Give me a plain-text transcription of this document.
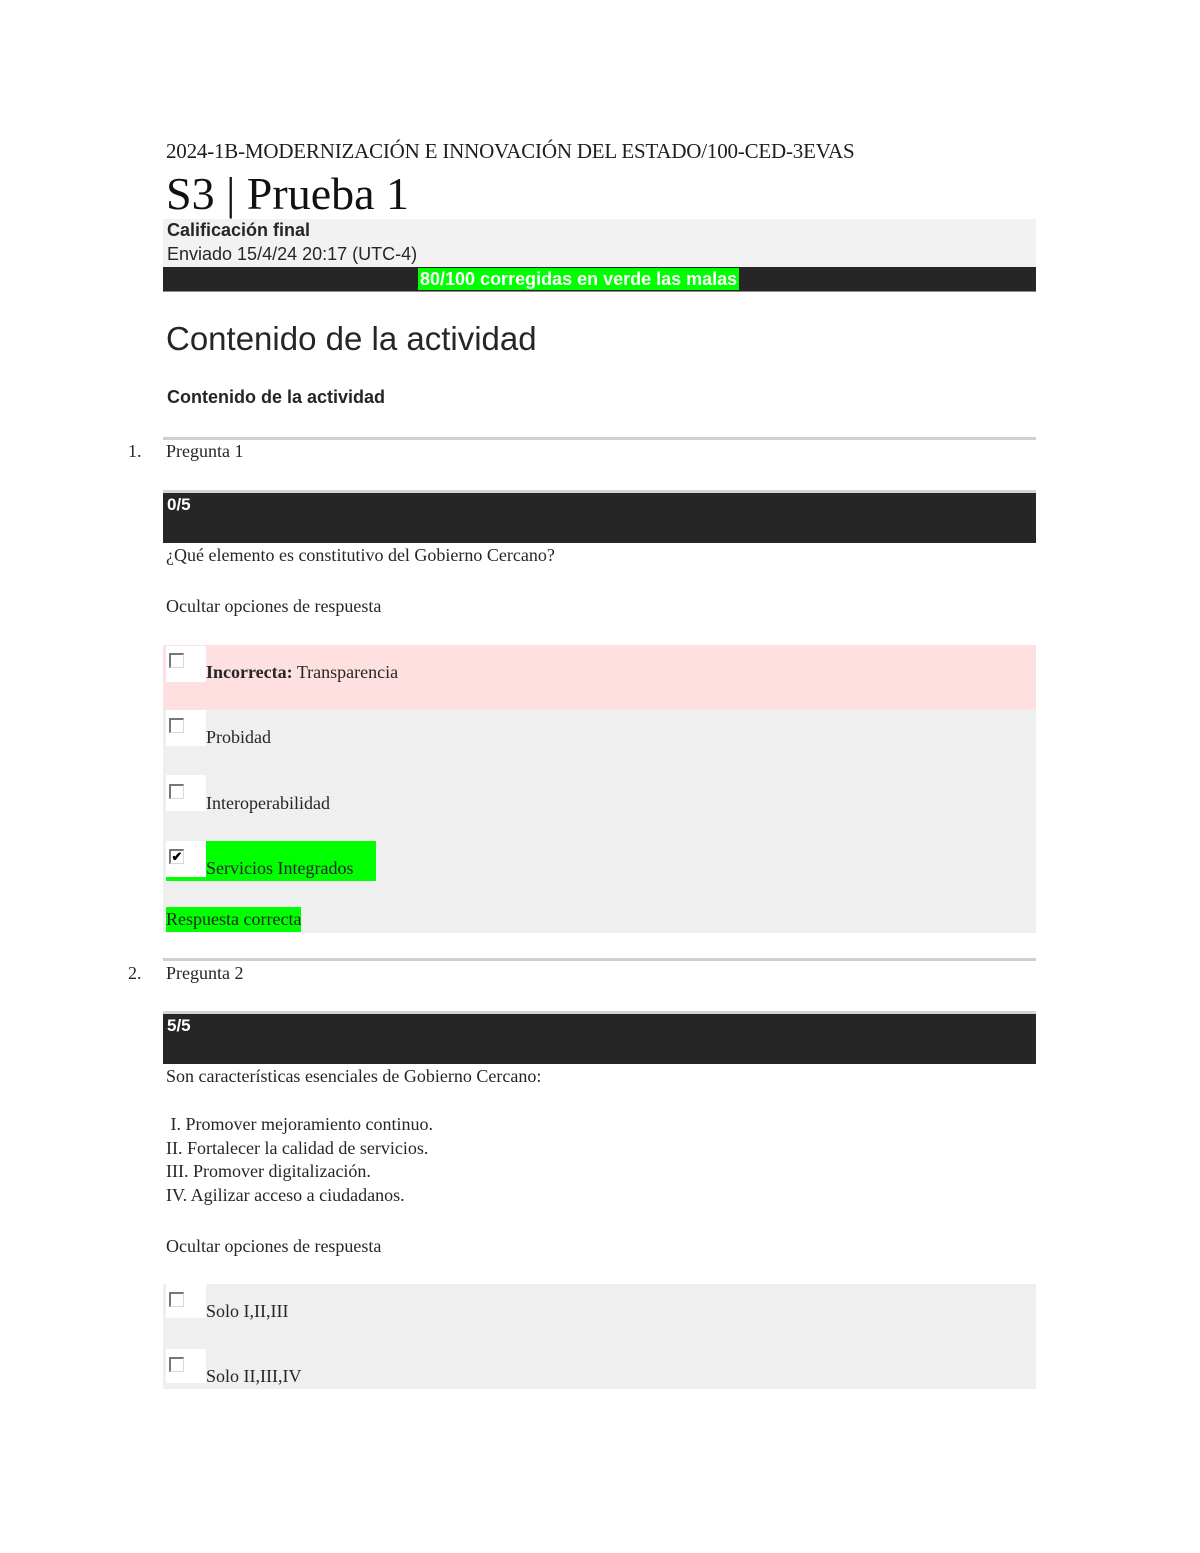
2024-1B-MODERNIZACIÓN E INNOVACIÓN DEL ESTADO/100-CED-3EVAS
S3 | Prueba 1
Calificación final
Enviado 15/4/24 20:17 (UTC-4)
80/100 corregidas en verde las malas
Contenido de la actividad
Contenido de la actividad
1. Pregunta 1
0/5
¿Qué elemento es constitutivo del Gobierno Cercano?
Ocultar opciones de respuesta
Incorrecta: Transparencia
Probidad
Interoperabilidad
✔
Servicios Integrados
Respuesta correcta
2. Pregunta 2
5/5
Son características esenciales de Gobierno Cercano:
I. Promover mejoramiento continuo.
II. Fortalecer la calidad de servicios.
III. Promover digitalización.
IV. Agilizar acceso a ciudadanos.
Ocultar opciones de respuesta
Solo I,II,III
Solo II,III,IV
